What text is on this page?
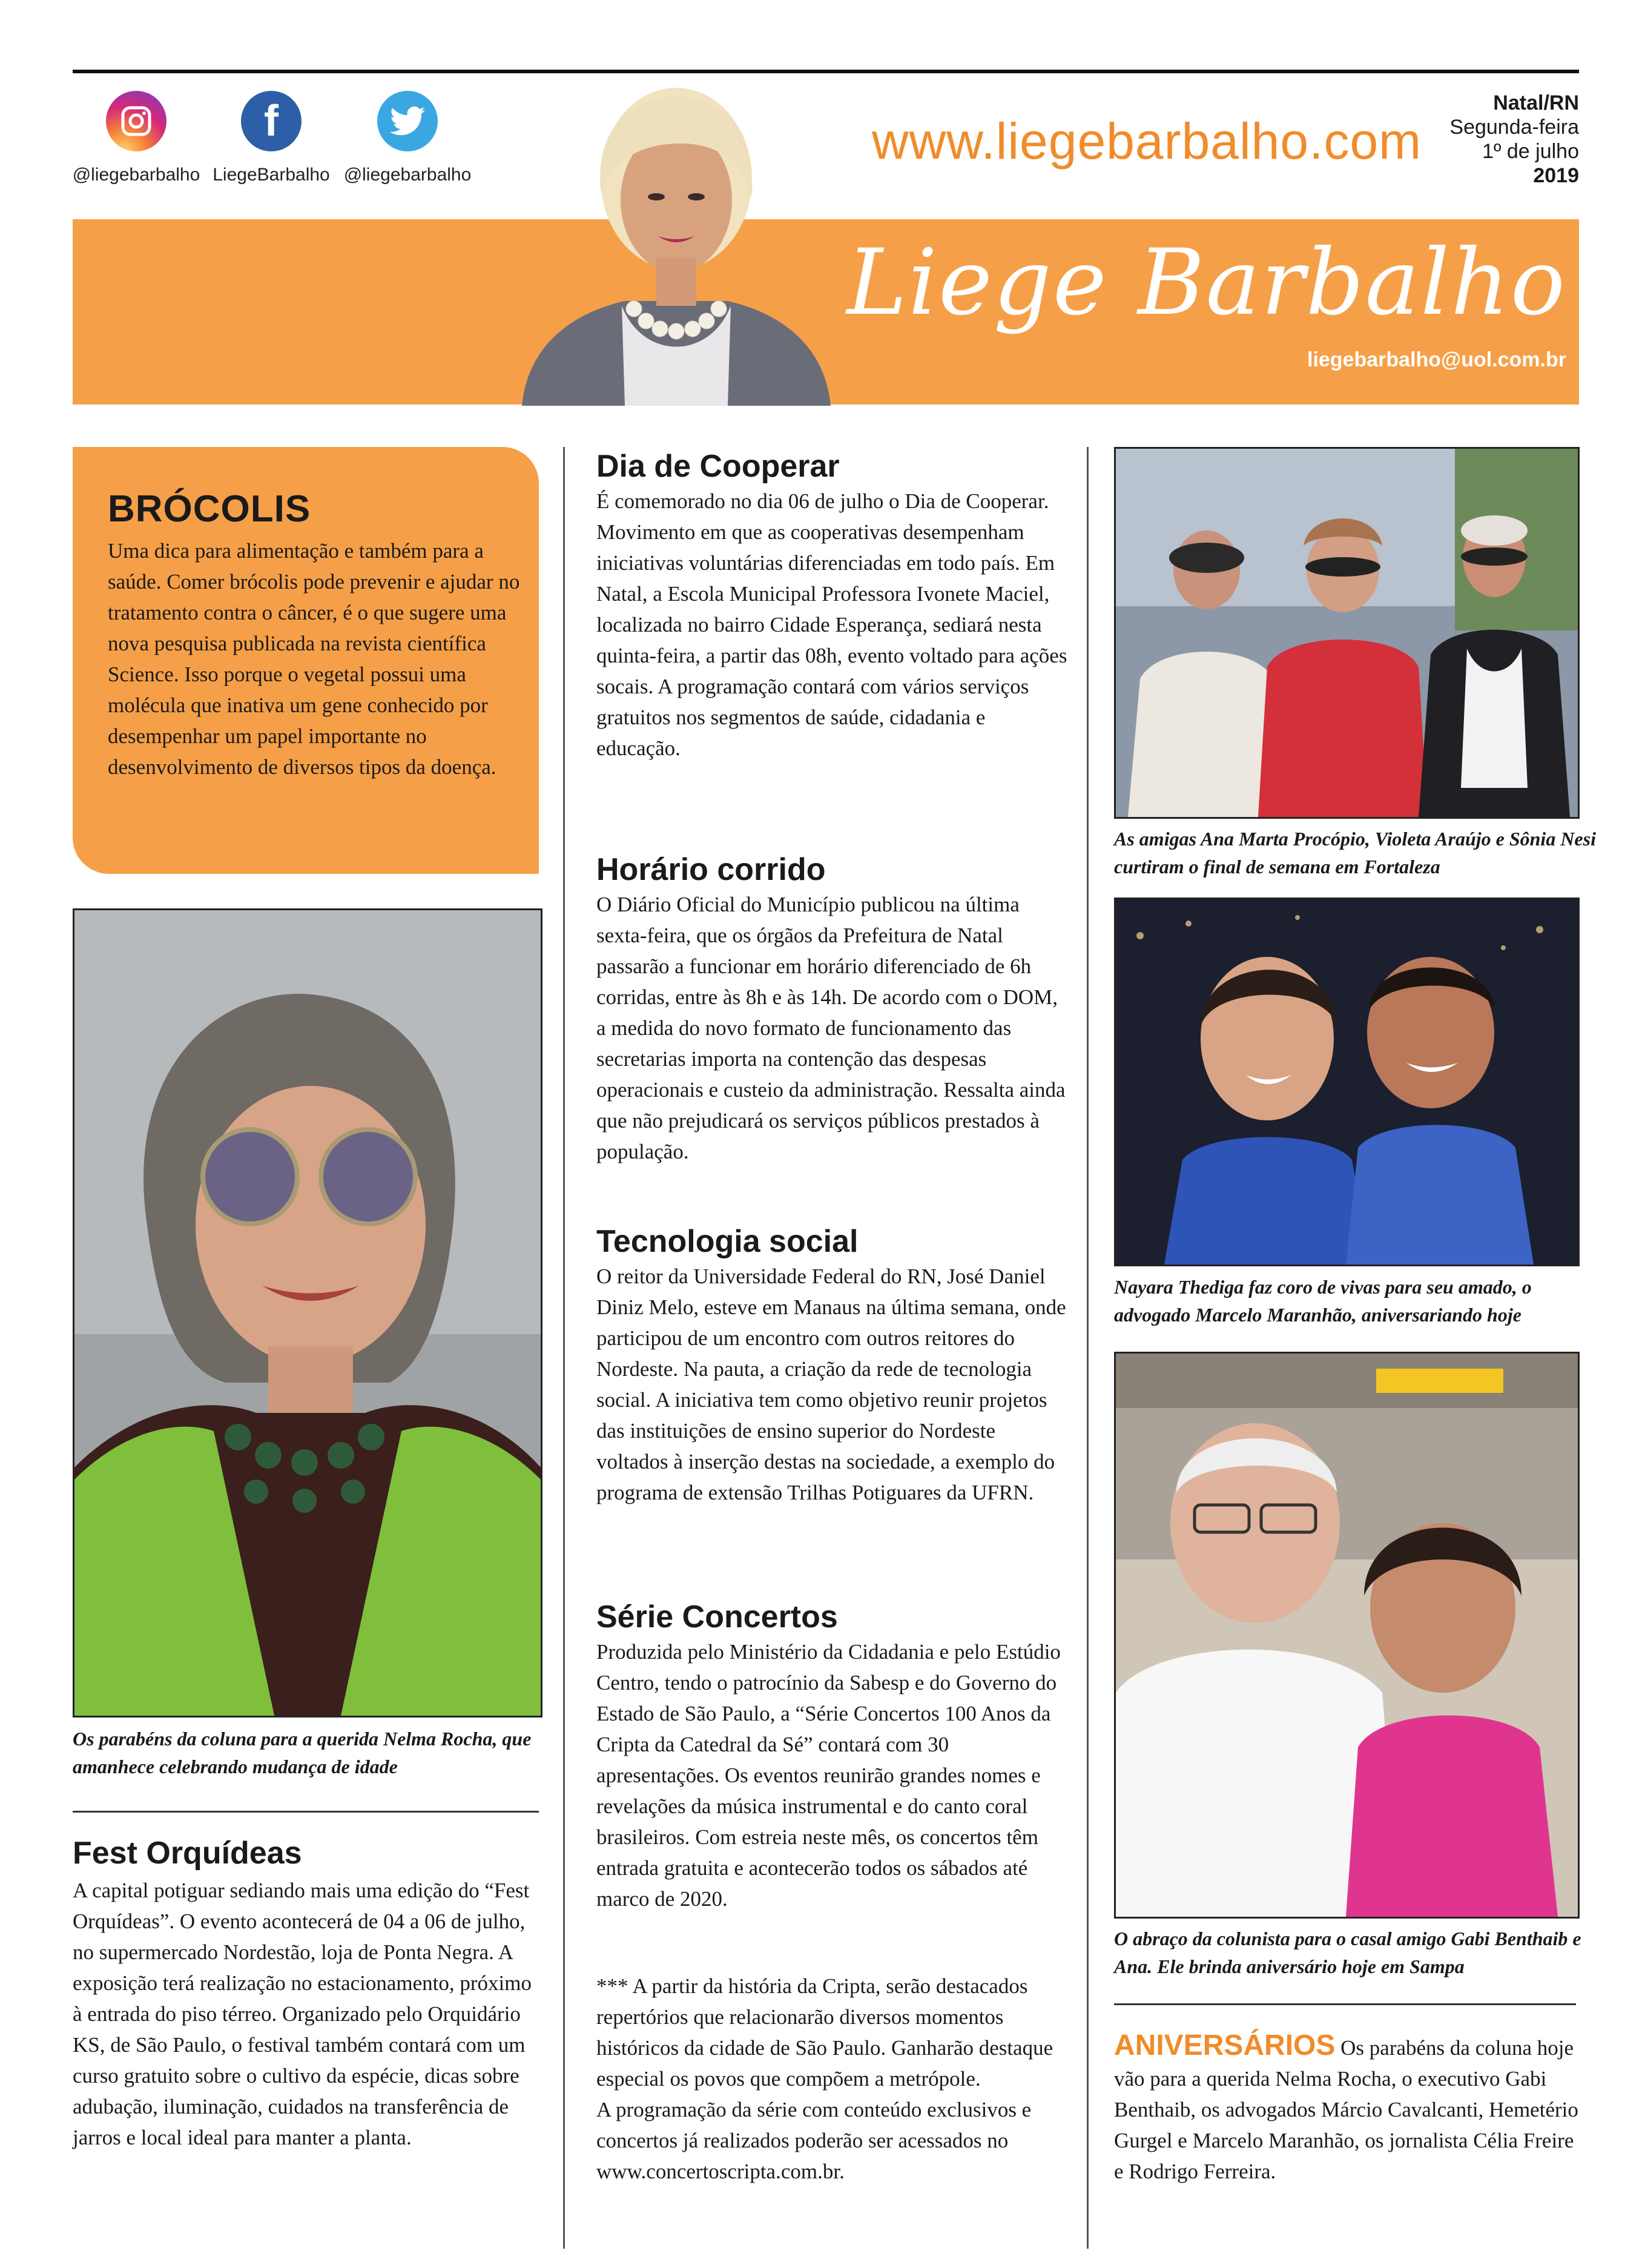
@liegebarbalho
f
LiegeBarbalho @liegebarbalho
www.liegebarbalho.com
Natal/RN
Segunda-feira
1º de julho
2019
Liege Barbalho
liegebarbalho@uol.com.br
BRÓCOLIS
Uma dica para alimentação e também para a saúde. Comer brócolis pode prevenir e ajudar no tratamento contra o câncer, é o que sugere uma nova pesquisa publicada na revista científica Science. Isso porque o vegetal possui uma molécula que inativa um gene conhecido por desempenhar um papel importante no desenvolvimento de diversos tipos da doença.
Os parabéns da coluna para a querida Nelma Rocha, que amanhece celebrando mudança de idade
Fest Orquídeas
A capital potiguar sediando mais uma edição do “Fest Orquídeas”. O evento acontecerá de 04 a 06 de julho, no supermercado Nordestão, loja de Ponta Negra. A exposição terá realização no estacionamento, próximo à entrada do piso térreo. Organizado pelo Orquidário KS, de São Paulo, o festival também contará com um curso gratuito sobre o cultivo da espécie, dicas sobre adubação, iluminação, cuidados na transferência de jarros e local ideal para manter a planta.
Dia de Cooperar
É comemorado no dia 06 de julho o Dia de Cooperar. Movimento em que as cooperativas desempenham iniciativas voluntárias diferenciadas em todo país. Em Natal, a Escola Municipal Professora Ivonete Maciel, localizada no bairro Cidade Esperança, sediará nesta quinta-feira, a partir das 08h, evento voltado para ações socais. A programação contará com vários serviços gratuitos nos segmentos de saúde, cidadania e educação.
Horário corrido
O Diário Oficial do Município publicou na última sexta-feira, que os órgãos da Prefeitura de Natal passarão a funcionar em horário diferenciado de 6h corridas, entre às 8h e às 14h. De acordo com o DOM, a medida do novo formato de funcionamento das secretarias importa na contenção das despesas operacionais e custeio da administração. Ressalta ainda que não prejudicará os serviços públicos prestados à população.
Tecnologia social
O reitor da Universidade Federal do RN, José Daniel Diniz Melo, esteve em Manaus na última semana, onde participou de um encontro com outros reitores do Nordeste. Na pauta, a criação da rede de tecnologia social. A iniciativa tem como objetivo reunir projetos das instituições de ensino superior do Nordeste voltados à inserção destas na sociedade, a exemplo do programa de extensão Trilhas Potiguares da UFRN.
Série Concertos
Produzida pelo Ministério da Cidadania e pelo Estúdio Centro, tendo o patrocínio da Sabesp e do Governo do Estado de São Paulo, a “Série Concertos 100 Anos da Cripta da Catedral da Sé” contará com 30 apresentações. Os eventos reunirão grandes nomes e revelações da música instrumental e do canto coral brasileiros. Com estreia neste mês, os concertos têm entrada gratuita e acontecerão todos os sábados até marco de 2020.
*** A partir da história da Cripta, serão destacados repertórios que relacionarão diversos momentos históricos da cidade de São Paulo. Ganharão destaque especial os povos que compõem a metrópole.
A programação da série com conteúdo exclusivos e concertos já realizados poderão ser acessados no www.concertoscripta.com.br.
As amigas Ana Marta Procópio, Violeta Araújo e Sônia Nesi curtiram o final de semana em Fortaleza
Nayara Thediga faz coro de vivas para seu amado, o advogado Marcelo Maranhão, aniversariando hoje
O abraço da colunista para o casal amigo Gabi Benthaib e Ana. Ele brinda aniversário hoje em Sampa
ANIVERSÁRIOS Os parabéns da coluna hoje vão para a querida Nelma Rocha, o executivo Gabi Benthaib, os advogados Márcio Cavalcanti, Hemetério Gurgel e Marcelo Maranhão, os jornalista Célia Freire e Rodrigo Ferreira.
